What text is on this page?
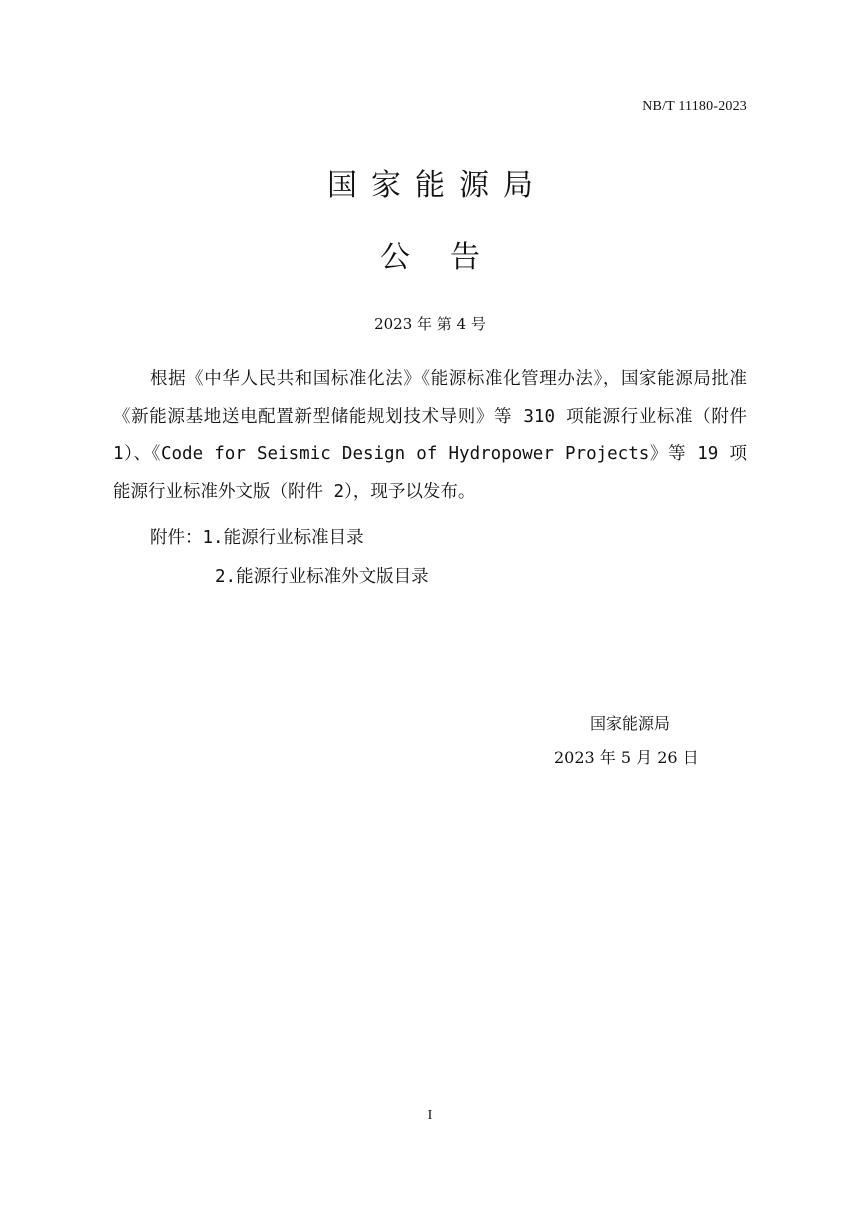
NB/T 11180-2023
国家能源局
公告
2023 年 第 4 号
根据《中华人民共和国标准化法》《能源标准化管理办法》，国家能源局批准《新能源基地送电配置新型储能规划技术导则》等 310 项能源行业标准（附件 1）、《Code for Seismic Design of Hydropower Projects》等 19 项能源行业标准外文版（附件 2），现予以发布。
附件：1.能源行业标准目录
2.能源行业标准外文版目录
国家能源局
2023 年 5 月 26 日
I
